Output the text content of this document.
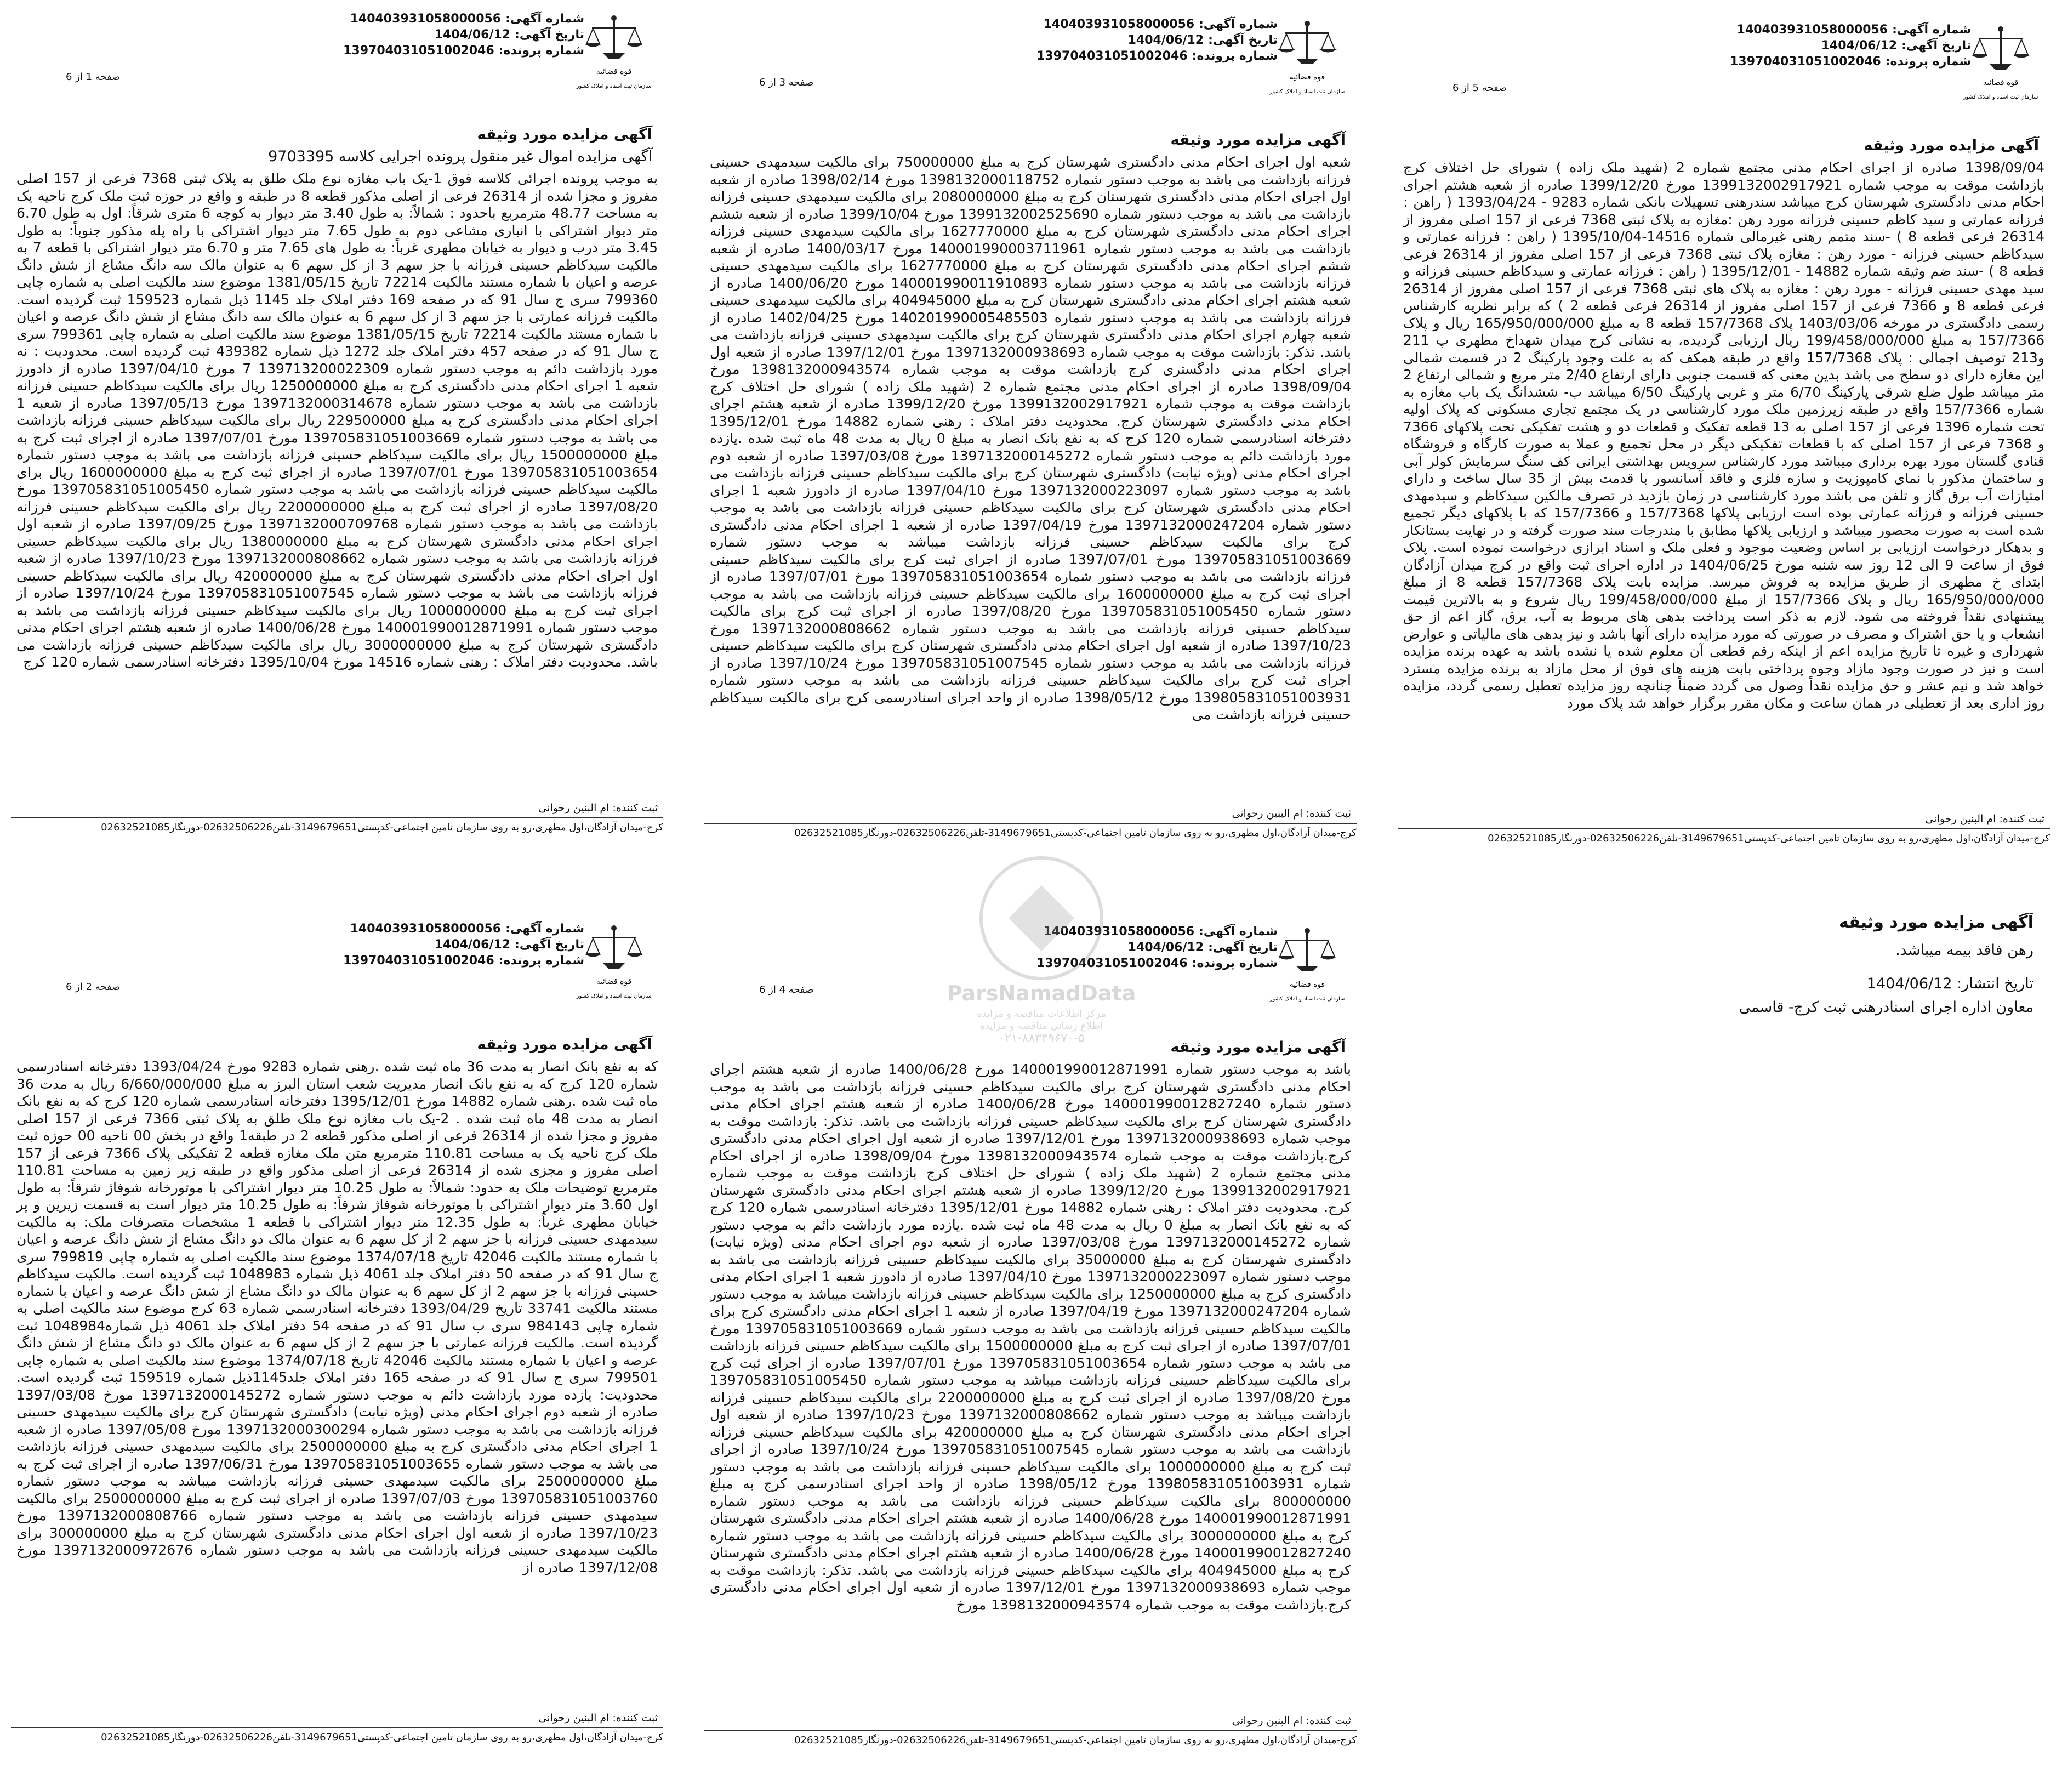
شماره آگهی:140403931058000056
تاریخ آگهی:1404/06/12
شماره پرونده:139704031051002046
قوه قضائیه
سازمان ثبت اسناد و املاک کشور
صفحه 1 از 6
آگهی مزایده مورد وثیقه
آگهی مزایده اموال غیر منقول پرونده اجرایی کلاسه 9703395
به موجب پرونده اجرائی کلاسه فوق 1-یک باب مغازه نوع ملک طلق به پلاک ثبتی 7368 فرعی از 157 اصلی مفروز و مجزا شده از 26314 فرعی از اصلی مذکور قطعه 8 در طبقه و واقع در حوزه ثبت ملک کرج ناحیه یک به مساحت 48.77 مترمربع باحدود : شمالاً: به طول 3.40 متر دیوار به کوچه 6 متری شرقاً: اول به طول 6.70 متر دیوار اشتراکی با انباری مشاعی دوم به طول 7.65 متر دیوار اشتراکی با راه پله مذکور جنوباً: به طول 3.45 متر درب و دیوار به خیابان مطهری غرباً: به طول های 7.65 متر و 6.70 متر دیوار اشتراکی با قطعه 7 به مالکیت سیدکاظم حسینی فرزانه با جز سهم 3 از کل سهم 6 به عنوان مالک سه دانگ مشاع از شش دانگ عرصه و اعیان با شماره مستند مالکیت 72214 تاریخ 1381/05/15 موضوع سند مالکیت اصلی به شماره چاپی 799360 سری ج سال 91 که در صفحه 169 دفتر املاک جلد 1145 ذیل شماره 159523 ثبت گردیده است. مالکیت فرزانه عمارتی با جز سهم 3 از کل سهم 6 به عنوان مالک سه دانگ مشاع از شش دانگ عرصه و اعیان با شماره مستند مالکیت 72214 تاریخ 1381/05/15 موضوع سند مالکیت اصلی به شماره چاپی 799361 سری ج سال 91 که در صفحه 457 دفتر املاک جلد 1272 ذیل شماره 439382 ثبت گردیده است. محدودیت : نه مورد بازداشت دائم به موجب دستور شماره 139713200022309 7 مورخ 1397/04/10 صادره از دادورز شعبه 1 اجرای احکام مدنی دادگستری کرج به مبلغ 1250000000 ریال برای مالکیت سیدکاظم حسینی فرزانه بازداشت می باشد به موجب دستور شماره 1397132000314678 مورخ 1397/05/13 صادره از شعبه 1 اجرای احکام مدنی دادگستری کرج به مبلغ 229500000 ریال برای مالکیت سیدکاظم حسینی فرزانه بازداشت می باشد به موجب دستور شماره 139705831051003669 مورخ 1397/07/01 صادره از اجرای ثبت کرج به مبلغ 1500000000 ریال برای مالکیت سیدکاظم حسینی فرزانه بازداشت می باشد به موجب دستور شماره 139705831051003654 مورخ 1397/07/01 صادره از اجرای ثبت کرج به مبلغ 1600000000 ریال برای مالکیت سیدکاظم حسینی فرزانه بازداشت می باشد به موجب دستور شماره 139705831051005450 مورخ 1397/08/20 صادره از اجرای ثبت کرج به مبلغ 2200000000 ریال برای مالکیت سیدکاظم حسینی فرزانه بازداشت می باشد به موجب دستور شماره 1397132000709768 مورخ 1397/09/25 صادره از شعبه اول اجرای احکام مدنی دادگستری شهرستان کرج به مبلغ 1380000000 ریال برای مالکیت سیدکاظم حسینی فرزانه بازداشت می باشد به موجب دستور شماره 1397132000808662 مورخ 1397/10/23 صادره از شعبه اول اجرای احکام مدنی دادگستری شهرستان کرج به مبلغ 420000000 ریال برای مالکیت سیدکاظم حسینی فرزانه بازداشت می باشد به موجب دستور شماره 139705831051007545 مورخ 1397/10/24 صادره از اجرای ثبت کرج به مبلغ 1000000000 ریال برای مالکیت سیدکاظم حسینی فرزانه بازداشت می باشد به موجب دستور شماره 140001990012871991 مورخ 1400/06/28 صادره از شعبه هشتم اجرای احکام مدنی دادگستری شهرستان کرج به مبلغ 3000000000 ریال برای مالکیت سیدکاظم حسینی فرزانه بازداشت می باشد. محدودیت دفتر املاک : رهنی شماره 14516 مورخ 1395/10/04 دفترخانه اسنادرسمی شماره 120 کرج
ثبت کننده:ام البنین رحوانی
کرج-میدان آزادگان،اول مطهری،رو به روی سازمان تامین اجتماعی-کدپستی3149679651-تلفن02632506226-دورنگار02632521085
شماره آگهی:140403931058000056
تاریخ آگهی:1404/06/12
شماره پرونده:139704031051002046
قوه قضائیه
سازمان ثبت اسناد و املاک کشور
صفحه 3 از 6
آگهی مزایده مورد وثیقه
شعبه اول اجرای احکام مدنی دادگستری شهرستان کرج به مبلغ 750000000 برای مالکیت سیدمهدی حسینی فرزانه بازداشت می باشد به موجب دستور شماره 1398132000118752 مورخ 1398/02/14 صادره از شعبه اول اجرای احکام مدنی دادگستری شهرستان کرج به مبلغ 2080000000 برای مالکیت سیدمهدی حسینی فرزانه بازداشت می باشد به موجب دستور شماره 1399132002525690 مورخ 1399/10/04 صادره از شعبه ششم اجرای احکام مدنی دادگستری شهرستان کرج به مبلغ 1627770000 برای مالکیت سیدمهدی حسینی فرزانه بازداشت می باشد به موجب دستور شماره 140001990003711961 مورخ 1400/03/17 صادره از شعبه ششم اجرای احکام مدنی دادگستری شهرستان کرج به مبلغ 1627770000 برای مالکیت سیدمهدی حسینی فرزانه بازداشت می باشد به موجب دستور شماره 140001990011910893 مورخ 1400/06/20 صادره از شعبه هشتم اجرای احکام مدنی دادگستری شهرستان کرج به مبلغ 404945000 برای مالکیت سیدمهدی حسینی فرزانه بازداشت می باشد به موجب دستور شماره 140201990005485503 مورخ 1402/04/25 صادره از شعبه چهارم اجرای احکام مدنی دادگستری شهرستان کرج برای مالکیت سیدمهدی حسینی فرزانه بازداشت می باشد. تذکر: بازداشت موقت به موجب شماره 1397132000938693 مورخ 1397/12/01 صادره از شعبه اول اجرای احکام مدنی دادگستری کرج بازداشت موقت به موجب شماره 1398132000943574 مورخ 1398/09/04 صادره از اجرای احکام مدنی مجتمع شماره 2 (شهید ملک زاده ) شورای حل اختلاف کرج بازداشت موقت به موجب شماره 1399132002917921 مورخ 1399/12/20 صادره از شعبه هشتم اجرای احکام مدنی دادگستری شهرستان کرج. محدودیت دفتر املاک : رهنی شماره 14882 مورخ 1395/12/01 دفترخانه اسنادرسمی شماره 120 کرج که به نفع بانک انصار به مبلغ 0 ریال به مدت 48 ماه ثبت شده .یازده مورد بازداشت دائم به موجب دستور شماره 1397132000145272 مورخ 1397/03/08 صادره از شعبه دوم اجرای احکام مدنی (ویژه نیابت) دادگستری شهرستان کرج برای مالکیت سیدکاظم حسینی فرزانه بازداشت می باشد به موجب دستور شماره 1397132000223097 مورخ 1397/04/10 صادره از دادورز شعبه 1 اجرای احکام مدنی دادگستری شهرستان کرج برای مالکیت سیدکاظم حسینی فرزانه بازداشت می باشد به موجب دستور شماره 1397132000247204 مورخ 1397/04/19 صادره از شعبه 1 اجرای احکام مدنی دادگستری کرج برای مالکیت سیدکاظم حسینی فرزانه بازداشت میباشد به موجب دستور شماره 139705831051003669 مورخ 1397/07/01 صادره از اجرای ثبت کرج برای مالکیت سیدکاظم حسینی فرزانه بازداشت می باشد به موجب دستور شماره 139705831051003654 مورخ 1397/07/01 صادره از اجرای ثبت کرج به مبلغ 1600000000 برای مالکیت سیدکاظم حسینی فرزانه بازداشت می باشد به موجب دستور شماره 139705831051005450 مورخ 1397/08/20 صادره از اجرای ثبت کرج برای مالکیت سیدکاظم حسینی فرزانه بازداشت می باشد به موجب دستور شماره 1397132000808662 مورخ 1397/10/23 صادره از شعبه اول اجرای احکام مدنی دادگستری شهرستان کرج برای مالکیت سیدکاظم حسینی فرزانه بازداشت می باشد به موجب دستور شماره 139705831051007545 مورخ 1397/10/24 صادره از اجرای ثبت کرج برای مالکیت سیدکاظم حسینی فرزانه بازداشت می باشد به موجب دستور شماره 139805831051003931 مورخ 1398/05/12 صادره از واحد اجرای اسنادرسمی کرج برای مالکیت سیدکاظم حسینی فرزانه بازداشت می
ثبت کننده:ام البنین رحوانی
کرج-میدان آزادگان،اول مطهری،رو به روی سازمان تامین اجتماعی-کدپستی3149679651-تلفن02632506226-دورنگار02632521085
شماره آگهی:140403931058000056
تاریخ آگهی:1404/06/12
شماره پرونده:139704031051002046
قوه قضائیه
سازمان ثبت اسناد و املاک کشور
صفحه 5 از 6
آگهی مزایده مورد وثیقه
1398/09/04 صادره از اجرای احکام مدنی مجتمع شماره 2 (شهید ملک زاده ) شورای حل اختلاف کرج بازداشت موقت به موجب شماره 1399132002917921 مورخ 1399/12/20 صادره از شعبه هشتم اجرای احکام مدنی دادگستری شهرستان کرج میباشد سندرهنی تسهیلات بانکی شماره 9283 - 1393/04/24 ( راهن : فرزانه عمارتی و سید کاظم حسینی فرزانه مورد رهن :مغازه به پلاک ثبتی 7368 فرعی از 157 اصلی مفروز از 26314 فرعی قطعه 8 ) -سند متمم رهنی غیرمالی شماره 14516-1395/10/04 ( راهن : فرزانه عمارتی و سیدکاظم حسینی فرزانه - مورد رهن : مغازه پلاک ثبتی 7368 فرعی از 157 اصلی مفروز از 26314 فرعی قطعه 8 ) -سند ضم وثیقه شماره 14882 - 1395/12/01 ( راهن : فرزانه عمارتی و سیدکاظم حسینی فرزانه و سید مهدی حسینی فرزانه - مورد رهن : مغازه به پلاک های ثبتی 7368 فرعی از 157 اصلی مفروز از 26314 فرعی قطعه 8 و 7366 فرعی از 157 اصلی مفروز از 26314 فرعی قطعه 2 ) که برابر نظریه کارشناس رسمی دادگستری در مورخه 1403/03/06 پلاک 157/7368 قطعه 8 به مبلغ 165/950/000/000 ریال و پلاک 157/7366 به مبلغ 199/458/000/000 ریال ارزیابی گردیده، به نشانی کرج میدان شهداخ مطهری پ 211 و213 توصیف اجمالی : پلاک 157/7368 واقع در طبقه همکف که به علت وجود پارکینگ 2 در قسمت شمالی این مغازه دارای دو سطح می باشد بدین معنی که قسمت جنوبی دارای ارتفاع 2/40 متر مربع و شمالی ارتفاع 2 متر میباشد طول ضلع شرقی پارکینگ 6/70 متر و غربی پارکینگ 6/50 میباشد ب- ششدانگ یک باب مغازه به شماره 157/7366 واقع در طبقه زیرزمین ملک مورد کارشناسی در یک مجتمع تجاری مسکونی که پلاک اولیه تحت شماره 1396 فرعی از 157 اصلی به 13 قطعه تفکیک و قطعات دو و هشت تفکیکی تحت پلاکهای 7366 و 7368 فرعی از 157 اصلی که با قطعات تفکیکی دیگر در محل تجمیع و عملا به صورت کارگاه و فروشگاه قنادی گلستان مورد بهره برداری میباشد مورد کارشناس سرویس بهداشتی ایرانی کف سنگ سرمایش کولر آبی و ساختمان مذکور با نمای کامپوزیت و سازه فلزی و فاقد آسانسور با قدمت بیش از 35 سال ساخت و دارای امتیازات آب برق گاز و تلفن می باشد مورد کارشناسی در زمان بازدید در تصرف مالکین سیدکاظم و سیدمهدی حسینی فرزانه و فرزانه عمارتی بوده است ارزیابی پلاکها 157/7368 و 157/7366 که با پلاکهای دیگر تجمیع شده است به صورت محصور میباشد و ارزیابی پلاکها مطابق با مندرجات سند صورت گرفته و در نهایت بستانکار و بدهکار درخواست ارزیابی بر اساس وضعیت موجود و فعلی ملک و اسناد ابرازی درخواست نموده است. پلاک فوق از ساعت 9 الی 12 روز سه شنبه مورخ 1404/06/25 در اداره اجرای ثبت واقع در کرج میدان آزادگان ابتدای خ مطهری از طریق مزایده به فروش میرسد. مزایده بابت پلاک 157/7368 قطعه 8 از مبلغ 165/950/000/000 ریال و پلاک 157/7366 از مبلغ 199/458/000/000 ریال شروع و به بالاترین قیمت پیشنهادی نقداً فروخته می شود. لازم به ذکر است پرداخت بدهی های مربوط به آب، برق، گاز اعم از حق انشعاب و یا حق اشتراک و مصرف در صورتی که مورد مزایده دارای آنها باشد و نیز بدهی های مالیاتی و عوارض شهرداری و غیره تا تاریخ مزایده اعم از اینکه رقم قطعی آن معلوم شده یا نشده باشد به عهده برنده مزایده است و نیز در صورت وجود مازاد وجوه پرداختی بابت هزینه های فوق از محل مازاد به برنده مزایده مسترد خواهد شد و نیم عشر و حق مزایده نقداً وصول می گردد ضمناً چنانچه روز مزایده تعطیل رسمی گردد، مزایده روز اداری بعد از تعطیلی در همان ساعت و مکان مقرر برگزار خواهد شد پلاک مورد
ثبت کننده:ام البنین رحوانی
کرج-میدان آزادگان،اول مطهری،رو به روی سازمان تامین اجتماعی-کدپستی3149679651-تلفن02632506226-دورنگار02632521085
شماره آگهی:140403931058000056
تاریخ آگهی:1404/06/12
شماره پرونده:139704031051002046
قوه قضائیه
سازمان ثبت اسناد و املاک کشور
صفحه 2 از 6
آگهی مزایده مورد وثیقه
که به نفع بانک انصار به مدت 36 ماه ثبت شده .رهنی شماره 9283 مورخ 1393/04/24 دفترخانه اسنادرسمی شماره 120 کرج که به نفع بانک انصار مدیریت شعب استان البرز به مبلغ 6/660/000/000 ریال به مدت 36 ماه ثبت شده .رهنی شماره 14882 مورخ 1395/12/01 دفترخانه اسنادرسمی شماره 120 کرج که به نفع بانک انصار به مدت 48 ماه ثبت شده . 2-یک باب مغازه نوع ملک طلق به پلاک ثبتی 7366 فرعی از 157 اصلی مفروز و مجزا شده از 26314 فرعی از اصلی مذکور قطعه 2 در طبقه1 واقع در بخش 00 ناحیه 00 حوزه ثبت ملک کرج ناحیه یک به مساحت 110.81 مترمربع متن ملک مغازه قطعه 2 تفکیکی پلاک 7366 فرعی از 157 اصلی مفروز و مجزی شده از 26314 فرعی از اصلی مذکور واقع در طبقه زیر زمین به مساحت 110.81 مترمربع توضیحات ملک به حدود: شمالاً: به طول 10.25 متر دیوار اشتراکی با موتورخانه شوفاژ شرقاً: به طول اول 3.60 متر دیوار اشتراکی با موتورخانه شوفاژ شرقاً: به طول 10.25 متر دیوار است به قسمت زیرین و پر خیابان مطهری غرباً: به طول 12.35 متر دیوار اشتراکی با قطعه 1 مشخصات متصرفات ملک: به مالکیت سیدمهدی حسینی فرزانه با جز سهم 2 از کل سهم 6 به عنوان مالک دو دانگ مشاع از شش دانگ عرصه و اعیان با شماره مستند مالکیت 42046 تاریخ 1374/07/18 موضوع سند مالکیت اصلی به شماره چاپی 799819 سری ج سال 91 که در صفحه 50 دفتر املاک جلد 4061 ذیل شماره 1048983 ثبت گردیده است. مالکیت سیدکاظم حسینی فرزانه با جز سهم 2 از کل سهم 6 به عنوان مالک دو دانگ مشاع از شش دانگ عرصه و اعیان با شماره مستند مالکیت 33741 تاریخ 1393/04/29 دفترخانه اسنادرسمی شماره 63 کرج موضوع سند مالکیت اصلی به شماره چاپی 984143 سری ب سال 91 که در صفحه 54 دفتر املاک جلد 4061 ذیل شماره1048984 ثبت گردیده است. مالکیت فرزانه عمارتی با جز سهم 2 از کل سهم 6 به عنوان مالک دو دانگ مشاع از شش دانگ عرصه و اعیان با شماره مستند مالکیت 42046 تاریخ 1374/07/18 موضوع سند مالکیت اصلی به شماره چاپی 799501 سری ج سال 91 که در صفحه 165 دفتر املاک جلد1145ذیل شماره 159519 ثبت گردیده است. محدودیت: یازده مورد بازداشت دائم به موجب دستور شماره 1397132000145272 مورخ 1397/03/08 صادره از شعبه دوم اجرای احکام مدنی (ویژه نیابت) دادگستری شهرستان کرج برای مالکیت سیدمهدی حسینی فرزانه بازداشت می باشد به موجب دستور شماره 1397132000300294 مورخ 1397/05/08 صادره از شعبه 1 اجرای احکام مدنی دادگستری کرج به مبلغ 2500000000 برای مالکیت سیدمهدی حسینی فرزانه بازداشت می باشد به موجب دستور شماره 139705831051003655 مورخ 1397/06/31 صادره از اجرای ثبت کرج به مبلغ 2500000000 برای مالکیت سیدمهدی حسینی فرزانه بازداشت میباشد به موجب دستور شماره 139705831051003760 مورخ 1397/07/03 صادره از اجرای ثبت کرج به مبلغ 2500000000 برای مالکیت سیدمهدی حسینی فرزانه بازداشت می باشد به موجب دستور شماره 1397132000808766 مورخ 1397/10/23 صادره از شعبه اول اجرای احکام مدنی دادگستری شهرستان کرج به مبلغ 300000000 برای مالکیت سیدمهدی حسینی فرزانه بازداشت می باشد به موجب دستور شماره 1397132000972676 مورخ 1397/12/08 صادره از
ثبت کننده:ام البنین رحوانی
کرج-میدان آزادگان،اول مطهری،رو به روی سازمان تامین اجتماعی-کدپستی3149679651-تلفن02632506226-دورنگار02632521085
شماره آگهی:140403931058000056
تاریخ آگهی:1404/06/12
شماره پرونده:139704031051002046
قوه قضائیه
سازمان ثبت اسناد و املاک کشور
صفحه 4 از 6
آگهی مزایده مورد وثیقه
باشد به موجب دستور شماره 140001990012871991 مورخ 1400/06/28 صادره از شعبه هشتم اجرای احکام مدنی دادگستری شهرستان کرج برای مالکیت سیدکاظم حسینی فرزانه بازداشت می باشد به موجب دستور شماره 140001990012827240 مورخ 1400/06/28 صادره از شعبه هشتم اجرای احکام مدنی دادگستری شهرستان کرج برای مالکیت سیدکاظم حسینی فرزانه بازداشت می باشد. تذکر: بازداشت موقت به موجب شماره 1397132000938693 مورخ 1397/12/01 صادره از شعبه اول اجرای احکام مدنی دادگستری کرج.بازداشت موقت به موجب شماره 1398132000943574 مورخ 1398/09/04 صادره از اجرای احکام مدنی مجتمع شماره 2 (شهید ملک زاده ) شورای حل اختلاف کرج بازداشت موقت به موجب شماره 1399132002917921 مورخ 1399/12/20 صادره از شعبه هشتم اجرای احکام مدنی دادگستری شهرستان کرج. محدودیت دفتر املاک : رهنی شماره 14882 مورخ 1395/12/01 دفترخانه اسنادرسمی شماره 120 کرج که به نفع بانک انصار به مبلغ 0 ریال به مدت 48 ماه ثبت شده .یازده مورد بازداشت دائم به موجب دستور شماره 1397132000145272 مورخ 1397/03/08 صادره از شعبه دوم اجرای احکام مدنی (ویژه نیابت) دادگستری شهرستان کرج به مبلغ 35000000 برای مالکیت سیدکاظم حسینی فرزانه بازداشت می باشد به موجب دستور شماره 1397132000223097 مورخ 1397/04/10 صادره از دادورز شعبه 1 اجرای احکام مدنی دادگستری کرج به مبلغ 1250000000 برای مالکیت سیدکاظم حسینی فرزانه بازداشت میباشد به موجب دستور شماره 1397132000247204 مورخ 1397/04/19 صادره از شعبه 1 اجرای احکام مدنی دادگستری کرج برای مالکیت سیدکاظم حسینی فرزانه بازداشت می باشد به موجب دستور شماره 139705831051003669 مورخ 1397/07/01 صادره از اجرای ثبت کرج به مبلغ 1500000000 برای مالکیت سیدکاظم حسینی فرزانه بازداشت می باشد به موجب دستور شماره 139705831051003654 مورخ 1397/07/01 صادره از اجرای ثبت کرج برای مالکیت سیدکاظم حسینی فرزانه بازداشت میباشد به موجب دستور شماره 139705831051005450 مورخ 1397/08/20 صادره از اجرای ثبت کرج به مبلغ 2200000000 برای مالکیت سیدکاظم حسینی فرزانه بازداشت میباشد به موجب دستور شماره 1397132000808662 مورخ 1397/10/23 صادره از شعبه اول اجرای احکام مدنی دادگستری شهرستان کرج به مبلغ 420000000 برای مالکیت سیدکاظم حسینی فرزانه بازداشت می باشد به موجب دستور شماره 139705831051007545 مورخ 1397/10/24 صادره از اجرای ثبت کرج به مبلغ 1000000000 برای مالکیت سیدکاظم حسینی فرزانه بازداشت می باشد به موجب دستور شماره 139805831051003931 مورخ 1398/05/12 صادره از واحد اجرای اسنادرسمی کرج به مبلغ 800000000 برای مالکیت سیدکاظم حسینی فرزانه بازداشت می باشد به موجب دستور شماره 140001990012871991 مورخ 1400/06/28 صادره از شعبه هشتم اجرای احکام مدنی دادگستری شهرستان کرج به مبلغ 3000000000 برای مالکیت سیدکاظم حسینی فرزانه بازداشت می باشد به موجب دستور شماره 140001990012827240 مورخ 1400/06/28 صادره از شعبه هشتم اجرای احکام مدنی دادگستری شهرستان کرج به مبلغ 404945000 برای مالکیت سیدکاظم حسینی فرزانه بازداشت می باشد. تذکر: بازداشت موقت به موجب شماره 1397132000938693 مورخ 1397/12/01 صادره از شعبه اول اجرای احکام مدنی دادگستری کرج.بازداشت موقت به موجب شماره 1398132000943574 مورخ
ثبت کننده:ام البنین رحوانی
کرج-میدان آزادگان،اول مطهری،رو به روی سازمان تامین اجتماعی-کدپستی3149679651-تلفن02632506226-دورنگار02632521085
آگهی مزایده مورد وثیقه
رهن فاقد بیمه میباشد.
تاریخ انتشار: 1404/06/12
معاون اداره اجرای اسنادرهنی ثبت کرج- قاسمی
ParsNamadData
مرکز اطلاعات مناقصه و مزایده
اطلاع رسانی مناقصه و مزایده
۰۲۱-۸۸۳۴۹۶۷۰-۵
